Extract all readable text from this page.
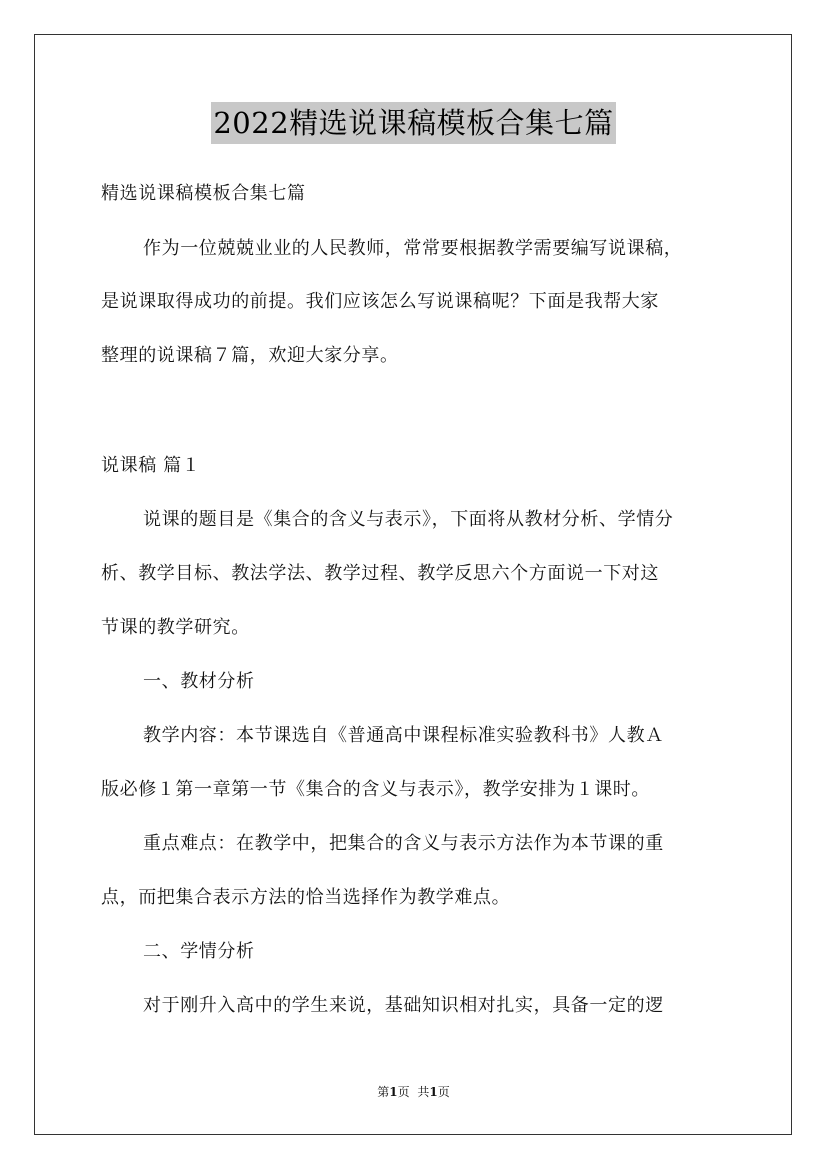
2022精选说课稿模板合集七篇
精选说课稿模板合集七篇
作为一位兢兢业业的人民教师，常常要根据教学需要编写说课稿，
是说课取得成功的前提。我们应该怎么写说课稿呢？下面是我帮大家
整理的说课稿７篇，欢迎大家分享。
说课稿 篇１
说课的题目是《集合的含义与表示》，下面将从教材分析、学情分
析、教学目标、教法学法、教学过程、教学反思六个方面说一下对这
节课的教学研究。
一、教材分析
教学内容：本节课选自《普通高中课程标准实验教科书》人教Ａ
版必修１第一章第一节《集合的含义与表示》，教学安排为１课时。
重点难点：在教学中，把集合的含义与表示方法作为本节课的重
点，而把集合表示方法的恰当选择作为教学难点。
二、学情分析
对于刚升入高中的学生来说，基础知识相对扎实，具备一定的逻
第1页 共1页
